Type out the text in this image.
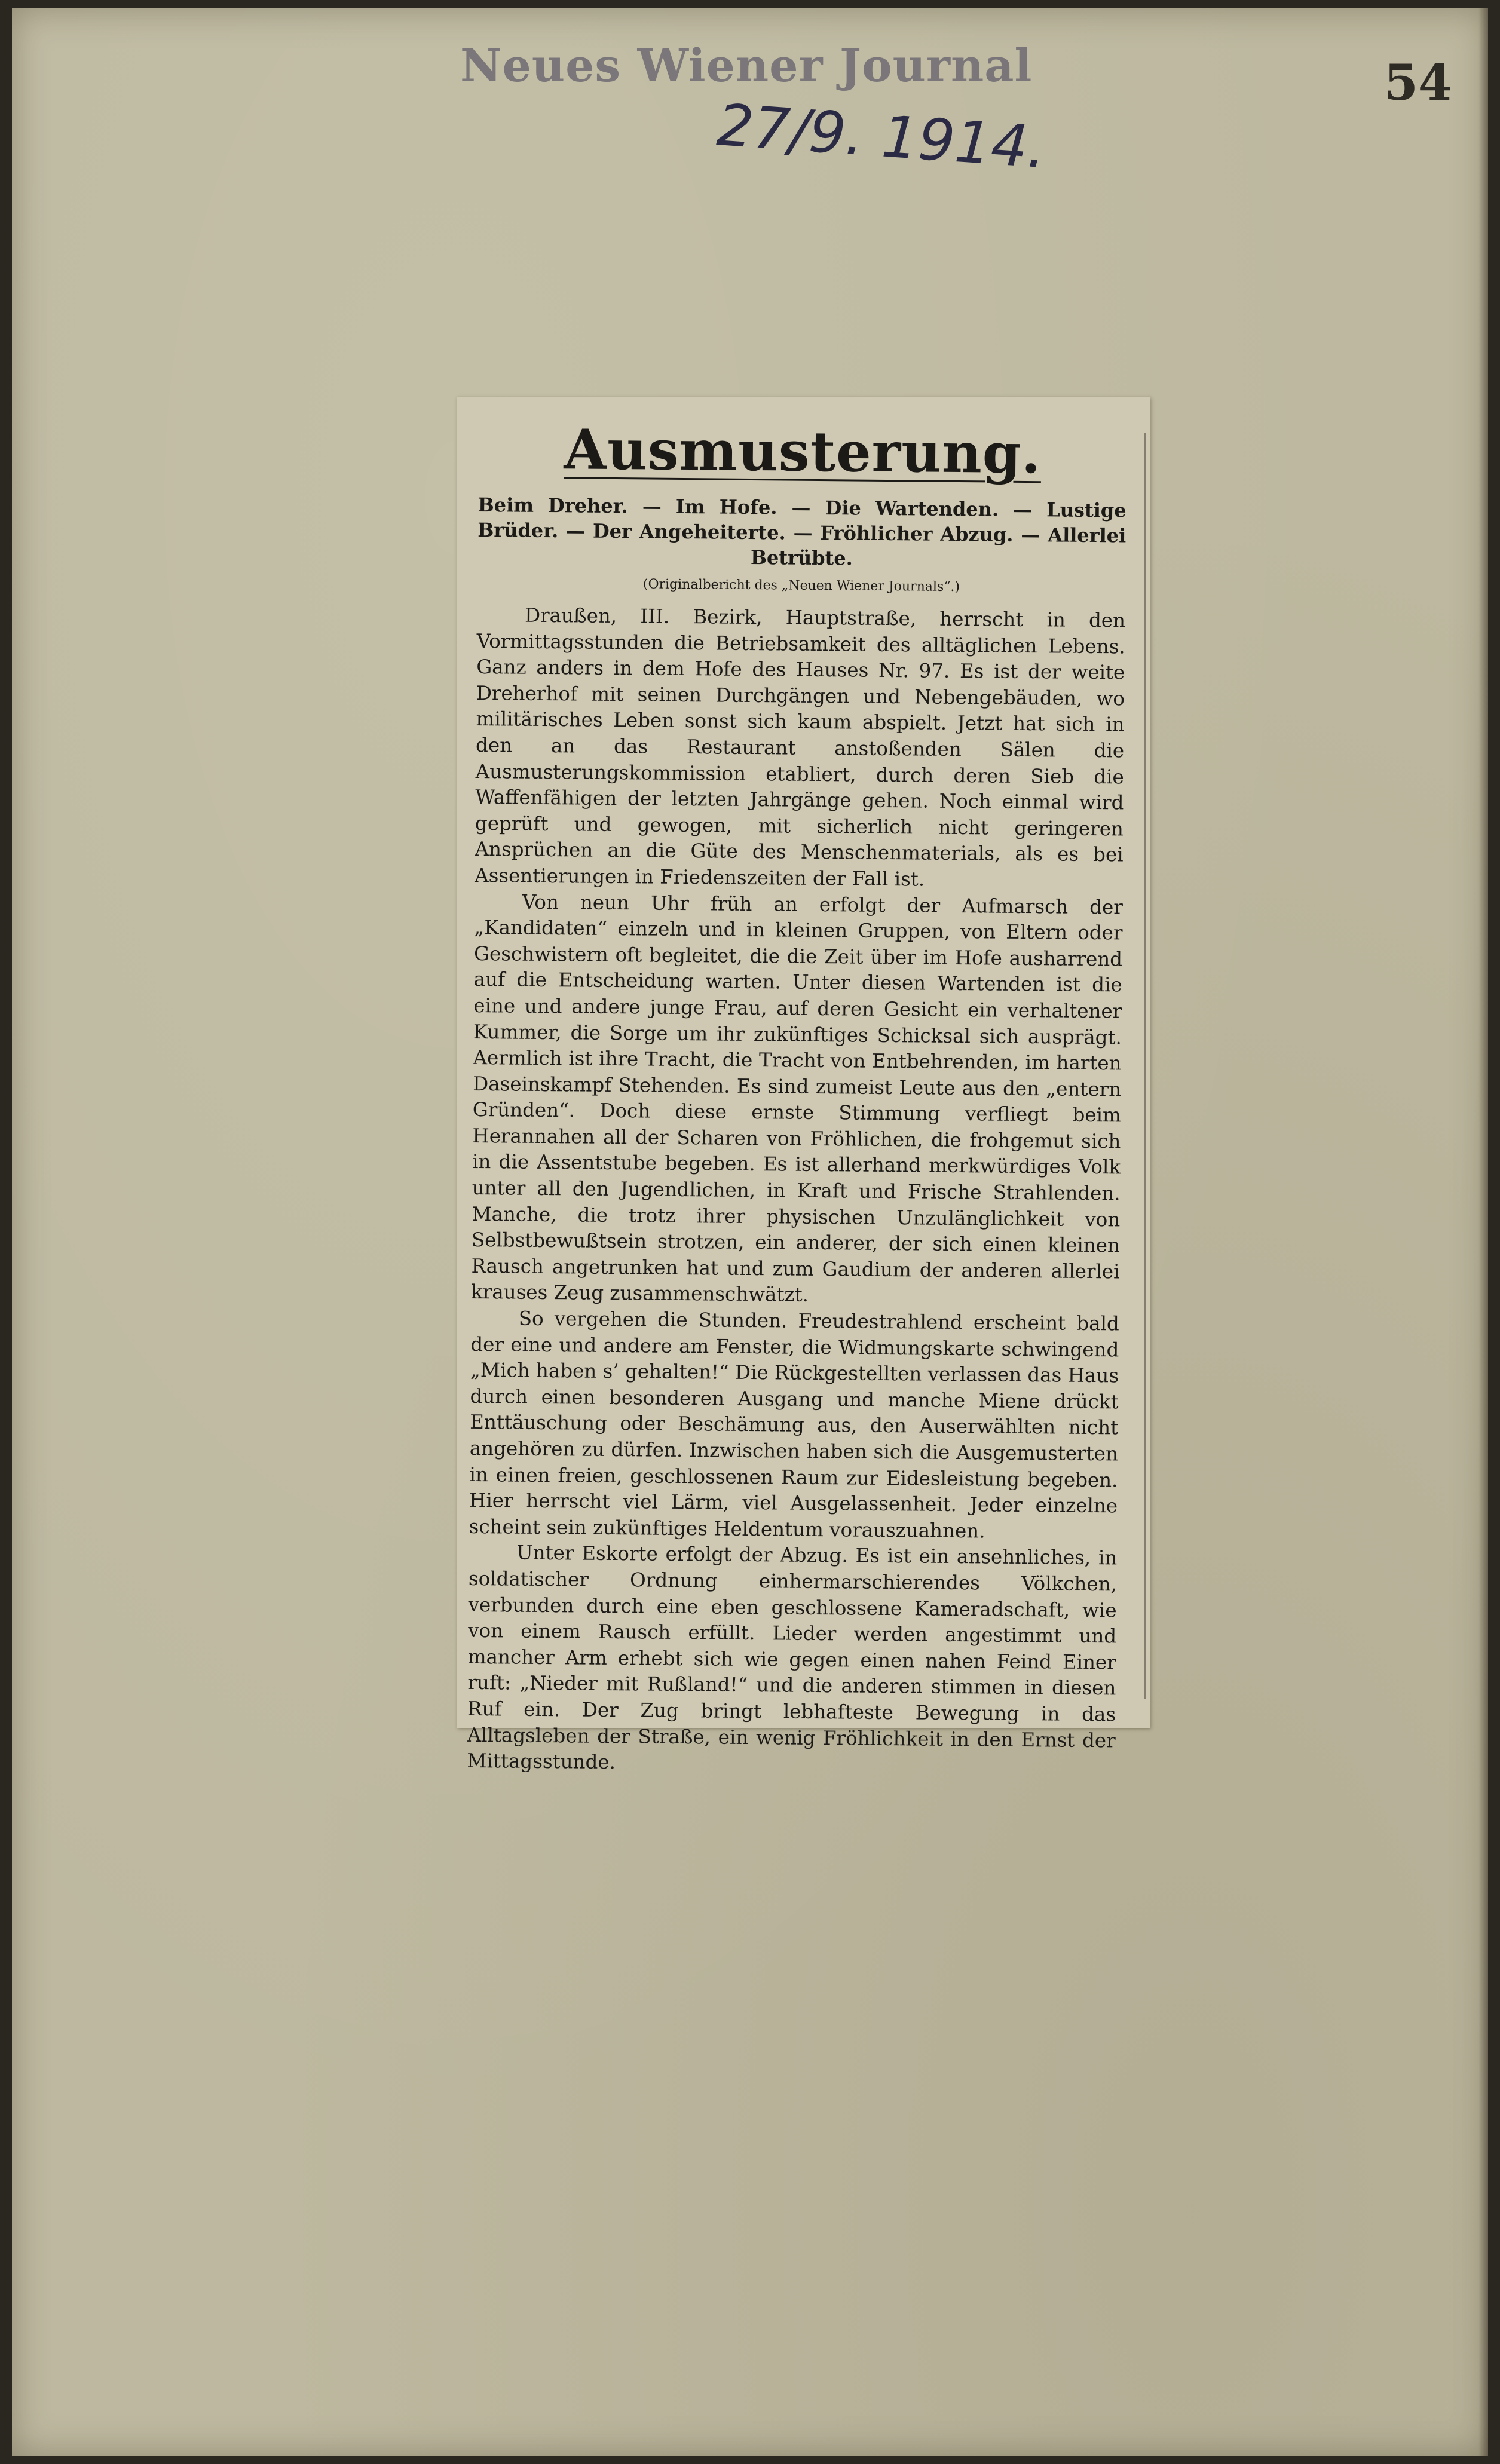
Neues Wiener Journal	54
27/9. 1914.
Ausmusterung.

Beim Dreher. — Im Hofe. — Die Wartenden. — Lustige Brüder. — Der Angeheiterte. — Fröhlicher Abzug. — Allerlei Betrübte.

(Originalbericht des „Neuen Wiener Journals“.)

Draußen, III. Bezirk, Hauptstraße, herrscht in den Vormittagsstunden die Betriebsamkeit des alltäglichen Lebens. Ganz anders in dem Hofe des Hauses Nr. 97. Es ist der weite Dreherhof mit seinen Durchgängen und Nebengebäuden, wo militärisches Leben sonst sich kaum abspielt. Jetzt hat sich in den an das Restaurant anstoßenden Sälen die Ausmusterungskommission etabliert, durch deren Sieb die Waffenfähigen der letzten Jahrgänge gehen. Noch einmal wird geprüft und gewogen, mit sicherlich nicht geringeren Ansprüchen an die Güte des Menschenmaterials, als es bei Assentierungen in Friedenszeiten der Fall ist.

Von neun Uhr früh an erfolgt der Aufmarsch der „Kandidaten“ einzeln und in kleinen Gruppen, von Eltern oder Geschwistern oft begleitet, die die Zeit über im Hofe ausharrend auf die Entscheidung warten. Unter diesen Wartenden ist die eine und andere junge Frau, auf deren Gesicht ein verhaltener Kummer, die Sorge um ihr zukünftiges Schicksal sich ausprägt. Aermlich ist ihre Tracht, die Tracht von Entbehrenden, im harten Daseinskampf Stehenden. Es sind zumeist Leute aus den „entern Gründen“. Doch diese ernste Stimmung verfliegt beim Herannahen all der Scharen von Fröhlichen, die frohgemut sich in die Assentstube begeben. Es ist allerhand merkwürdiges Volk unter all den Jugendlichen, in Kraft und Frische Strahlenden. Manche, die trotz ihrer physischen Unzulänglichkeit von Selbstbewußtsein strotzen, ein anderer, der sich einen kleinen Rausch angetrunken hat und zum Gaudium der anderen allerlei krauses Zeug zusammenschwätzt.

So vergehen die Stunden. Freudestrahlend erscheint bald der eine und andere am Fenster, die Widmungskarte schwingend „Mich haben s’ gehalten!“ Die Rückgestellten verlassen das Haus durch einen besonderen Ausgang und manche Miene drückt Enttäuschung oder Beschämung aus, den Auserwählten nicht angehören zu dürfen. Inzwischen haben sich die Ausgemusterten in einen freien, geschlossenen Raum zur Eidesleistung begeben. Hier herrscht viel Lärm, viel Ausgelassenheit. Jeder einzelne scheint sein zukünftiges Heldentum vorauszuahnen.

Unter Eskorte erfolgt der Abzug. Es ist ein ansehnliches, in soldatischer Ordnung einhermarschierendes Völkchen, verbunden durch eine eben geschlossene Kameradschaft, wie von einem Rausch erfüllt. Lieder werden angestimmt und mancher Arm erhebt sich wie gegen einen nahen Feind Einer ruft: „Nieder mit Rußland!“ und die anderen stimmen in diesen Ruf ein. Der Zug bringt lebhafteste Bewegung in das Alltagsleben der Straße, ein wenig Fröhlichkeit in den Ernst der Mittagsstunde.
